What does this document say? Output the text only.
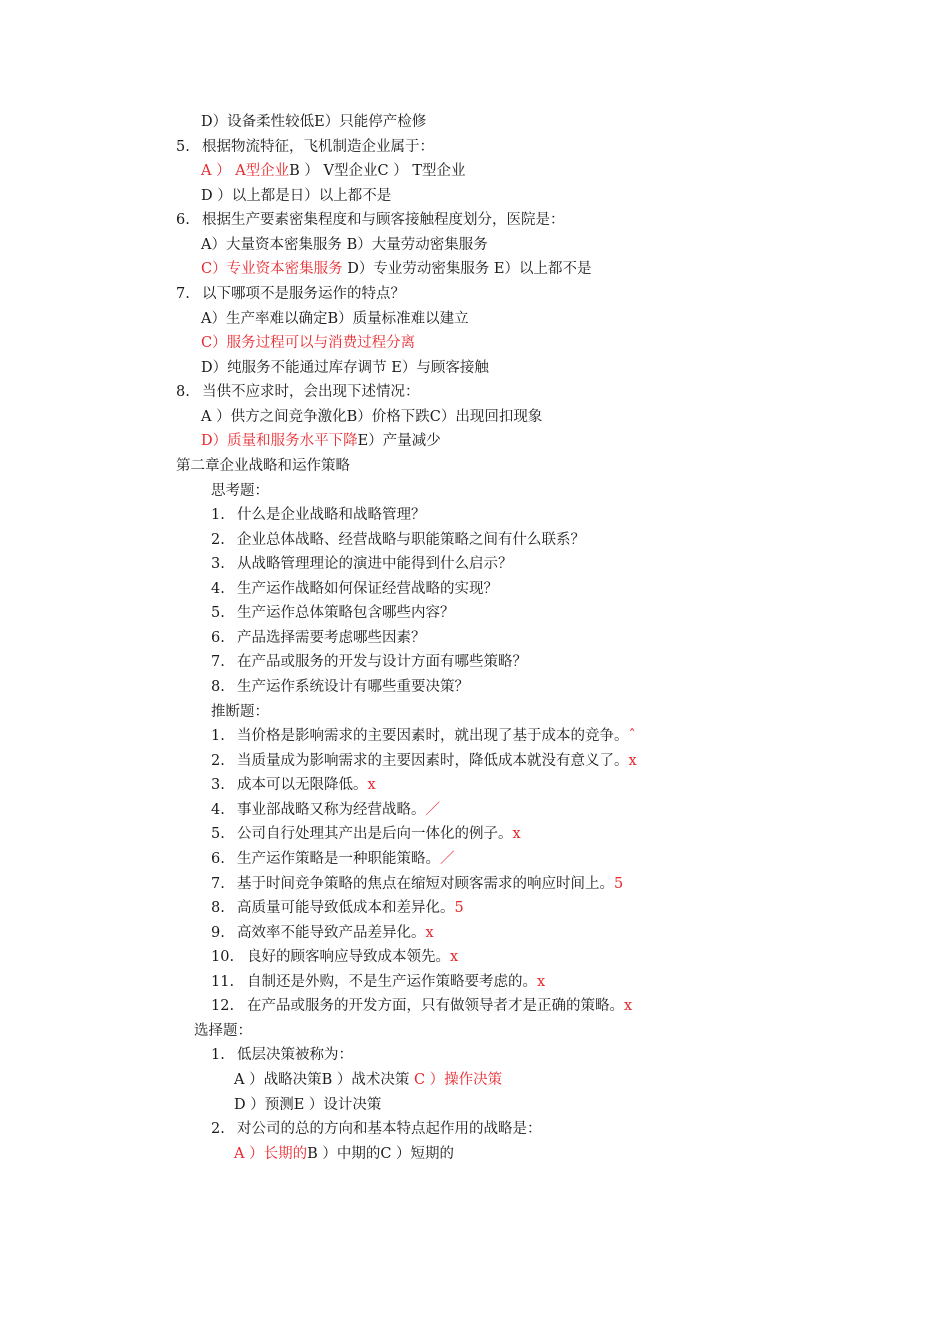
D）设备柔性较低E）只能停产检修
5. 根据物流特征，飞机制造企业属于：
A ） A型企业B ） V型企业C ） T型企业
D ）以上都是日）以上都不是
6. 根据生产要素密集程度和与顾客接触程度划分，医院是：
A）大量资本密集服务 B）大量劳动密集服务
C）专业资本密集服务 D）专业劳动密集服务 E）以上都不是
7. 以下哪项不是服务运作的特点？
A）生产率难以确定B）质量标准难以建立
C）服务过程可以与消费过程分离
D）纯服务不能通过库存调节 E）与顾客接触
8. 当供不应求时，会出现下述情况：
A ）供方之间竞争激化B）价格下跌C）出现回扣现象
D）质量和服务水平下降E）产量减少
第二章企业战略和运作策略
思考题：
1. 什么是企业战略和战略管理？
2. 企业总体战略、经营战略与职能策略之间有什么联系？
3. 从战略管理理论的演进中能得到什么启示？
4. 生产运作战略如何保证经营战略的实现？
5. 生产运作总体策略包含哪些内容？
6. 产品选择需要考虑哪些因素？
7. 在产品或服务的开发与设计方面有哪些策略？
8. 生产运作系统设计有哪些重要决策？
推断题：
1. 当价格是影响需求的主要因素时，就出现了基于成本的竞争。ˆ
2. 当质量成为影响需求的主要因素时，降低成本就没有意义了。x
3. 成本可以无限降低。x
4. 事业部战略又称为经营战略。／
5. 公司自行处理其产出是后向一体化的例子。x
6. 生产运作策略是一种职能策略。／
7. 基于时间竞争策略的焦点在缩短对顾客需求的响应时间上。5
8. 高质量可能导致低成本和差异化。5
9. 高效率不能导致产品差异化。x
10. 良好的顾客响应导致成本领先。x
11. 自制还是外购，不是生产运作策略要考虑的。x
12. 在产品或服务的开发方面，只有做领导者才是正确的策略。x
选择题：
1. 低层决策被称为：
A ）战略决策B ）战术决策 C ）操作决策
D ）预测E ）设计决策
2. 对公司的总的方向和基本特点起作用的战略是：
A ）长期的B ）中期的C ）短期的
